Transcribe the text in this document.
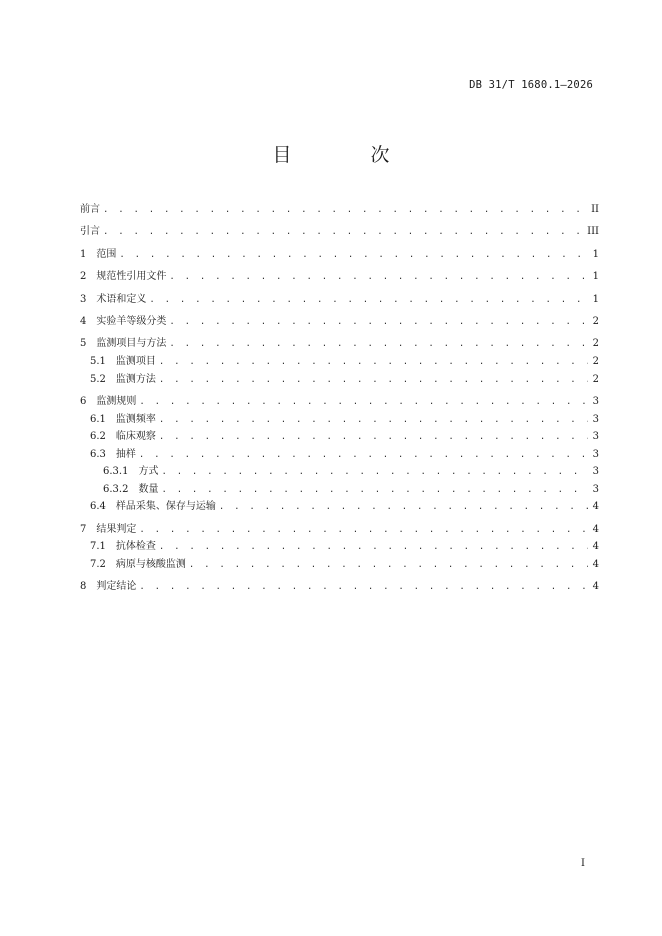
DB 31/T 1680.1—2026
目　次
前言 . . .	II
引言 . . .	III
1 范围 . . .	1
2 规范性引用文件 . . .	1
3 术语和定义 . . .	1
4 实验羊等级分类 . . .	2
5 监测项目与方法 . . .	2
5.1 监测项目 . . .	2
5.2 监测方法 . . .	2
6 监测规则 . . .	3
6.1 监测频率 . . .	3
6.2 临床观察 . . .	3
6.3 抽样 . . .	3
6.3.1 方式 . . .	3
6.3.2 数量 . . .	3
6.4 样品采集、保存与运输 . . .	4
7 结果判定 . . .	4
7.1 抗体检查 . . .	4
7.2 病原与核酸监测 . . .	4
8 判定结论 . . .	4
I
